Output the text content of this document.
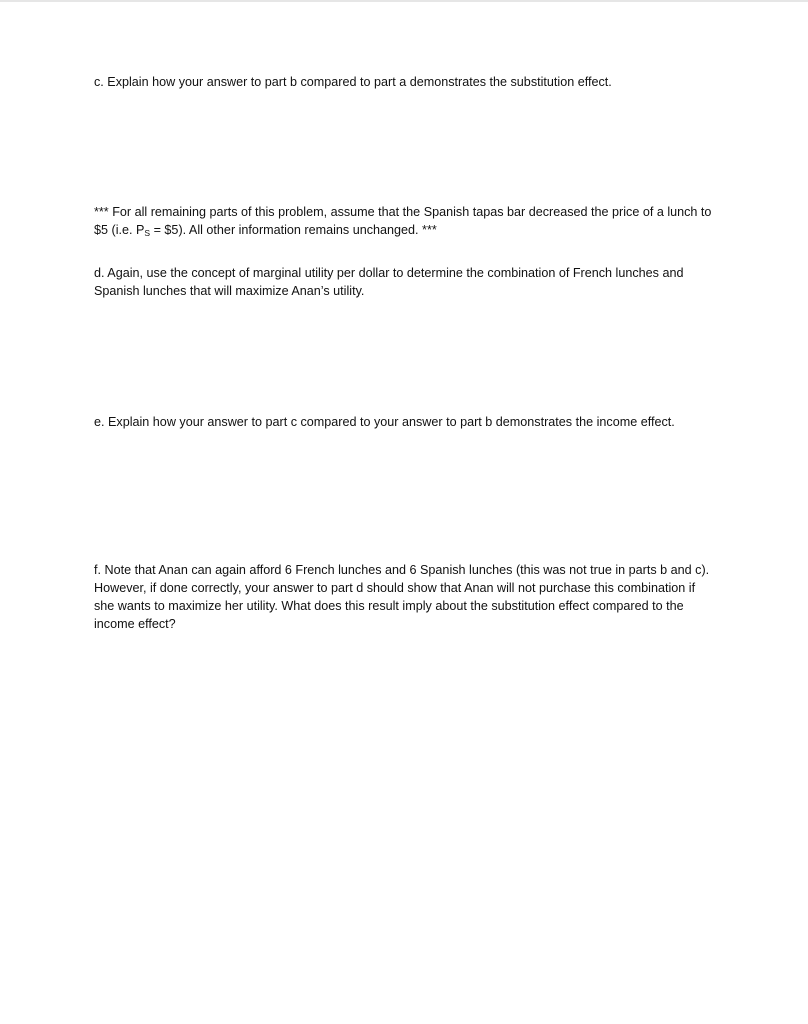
c. Explain how your answer to part b compared to part a demonstrates the substitution effect.

*** For all remaining parts of this problem, assume that the Spanish tapas bar decreased the price of a lunch to $5 (i.e. $P_S$ = $5). All other information remains unchanged. ***

d. Again, use the concept of marginal utility per dollar to determine the combination of French lunches and Spanish lunches that will maximize Anan’s utility.

e. Explain how your answer to part c compared to your answer to part b demonstrates the income effect.

f. Note that Anan can again afford 6 French lunches and 6 Spanish lunches (this was not true in parts b and c). However, if done correctly, your answer to part d should show that Anan will not purchase this combination if she wants to maximize her utility. What does this result imply about the substitution effect compared to the income effect?
